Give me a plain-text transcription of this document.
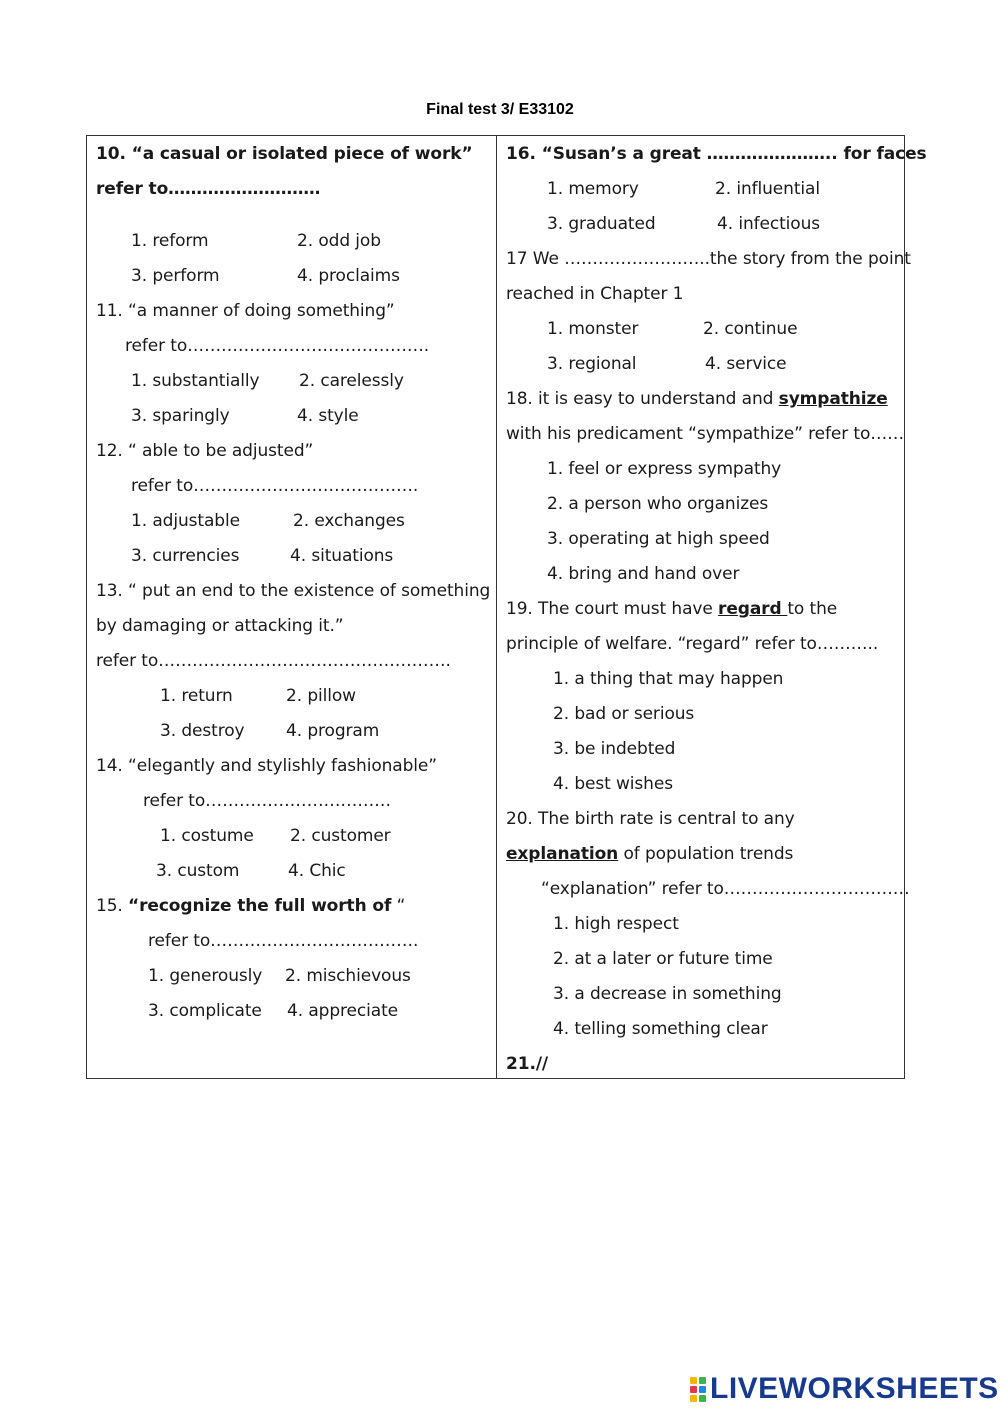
Final test 3/ E33102
10. “a casual or isolated piece of work”
refer to………………………
1. reform	2. odd job
3. perform	4. proclaims
11. “a manner of doing something”
refer to…………………………………….
1. substantially 2. carelessly
3. sparingly	4. style
12. “ able to be adjusted”
refer to………………………………….
1. adjustable	2. exchanges
3. currencies	4. situations
13. “ put an end to the existence of something
by damaging or attacking it.”
refer to…………………………………………….
1. return	2. pillow
3. destroy 4. program
14. “elegantly and stylishly fashionable”
refer to……………………………
1. costume 2. customer
3. custom	4. Chic
15. “recognize the full worth of “
refer to……………………………….
1. generously 2. mischievous
3. complicate 4. appreciate
16. “Susan’s a great ………………….. for faces
1. memory	2. influential
3. graduated	4. infectious
17 We ……………………..the story from the point
reached in Chapter 1
1. monster	2. continue
3. regional	4. service
18. it is easy to understand and sympathize
with his predicament “sympathize” refer to……
1. feel or express sympathy
2. a person who organizes
3. operating at high speed
4. bring and hand over
19. The court must have regard to the
principle of welfare. “regard” refer to………..
1. a thing that may happen
2. bad or serious
3. be indebted
4. best wishes
20. The birth rate is central to any
explanation of population trends
“explanation” refer to……………………………
1. high respect
2. at a later or future time
3. a decrease in something
4. telling something clear
21.//
LIVEWORKSHEETS
